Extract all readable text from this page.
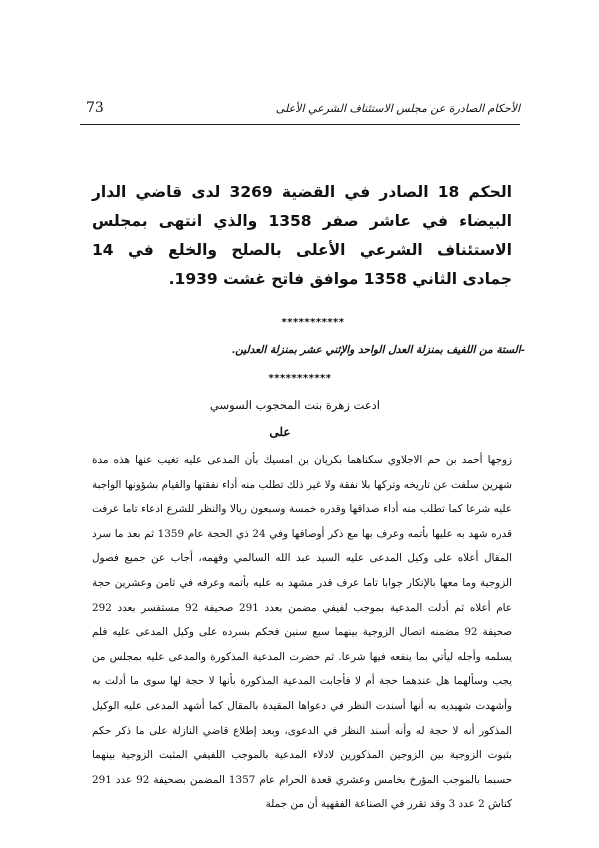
73	الأحكام الصادرة عن مجلس الاستئناف الشرعي الأعلى
الحكم 18 الصادر في القضية 3269 لدى قاضي الدار البيضاء في عاشر صفر 1358 والذي انتهى بمجلس الاستئناف الشرعي الأعلى بالصلح والخلع في 14 جمادى الثاني 1358 موافق فاتح غشت 1939.
***********
-الستة من اللفيف بمنزلة العدل الواحد والإثني عشر بمنزلة العدلين.
***********
ادعت زهرة بنت المحجوب السوسي
على
زوجها أحمد بن حم الاجلاوي سكناهما بكريان بن امسيك بأن المدعى عليه تغيب عنها هذه مدة شهرين سلفت عن تاريخه وتركها بلا نفقة ولا غير ذلك تطلب منه أداء نفقتها والقيام بشؤونها الواجبة عليه شرعا كما تطلب منه أداء صداقها وقدره خمسة وسبعون ريالا والنظر للشرع ادعاء تاما عرفت قدره شهد به عليها بأتمه وعرف بها مع ذكر أوصافها وفي 24 ذي الحجة عام 1359 ثم بعد ما سرد المقال أعلاه على وكيل المدعى عليه السيد عبد الله السالمي وفهمه، أجاب عن جميع فصول الزوجية وما معها بالإنكار جوابا تاما عرف قدر مشهد به عليه بأتمه وعرفه في ثامن وعشرين حجة عام أعلاه ثم أدلت المدعية بموجب لفيفي مضمن بعدد 291 صحيفة 92 مستفسر بعدد 292 صحيفة 92 مضمنه اتصال الزوجية بينهما سبع سنين فحكم بسرده على وكيل المدعى عليه فلم يسلمه وأجله ليأتي بما ينفعه فيها شرعا. ثم حضرت المدعية المذكورة والمدعى عليه بمجلس من يجب وسألهما هل عندهما حجة أم لا فأجابت المدعية المذكورة بأنها لا حجة لها سوى ما أدلت به وأشهدت شهيديه به أنها أسندت النظر في دعواها المقيدة بالمقال كما أشهد المدعى عليه الوكيل المذكور أنه لا حجة له وأنه أسند النظر في الدعوى، وبعد إطلاع قاضي النازلة على ما ذكر حكم بثبوت الزوجية بين الزوجين المذكورين لادلاء المدعية بالموجب اللفيفي المثبت الزوجية بينهما حسبما بالموجب المؤرخ بخامس وعشري قعدة الحرام عام 1357 المضمن بصحيفة 92 عدد 291 كناش 2 عدد 3 وقد تقرر في الصناعة الفقهية أن من جملة
